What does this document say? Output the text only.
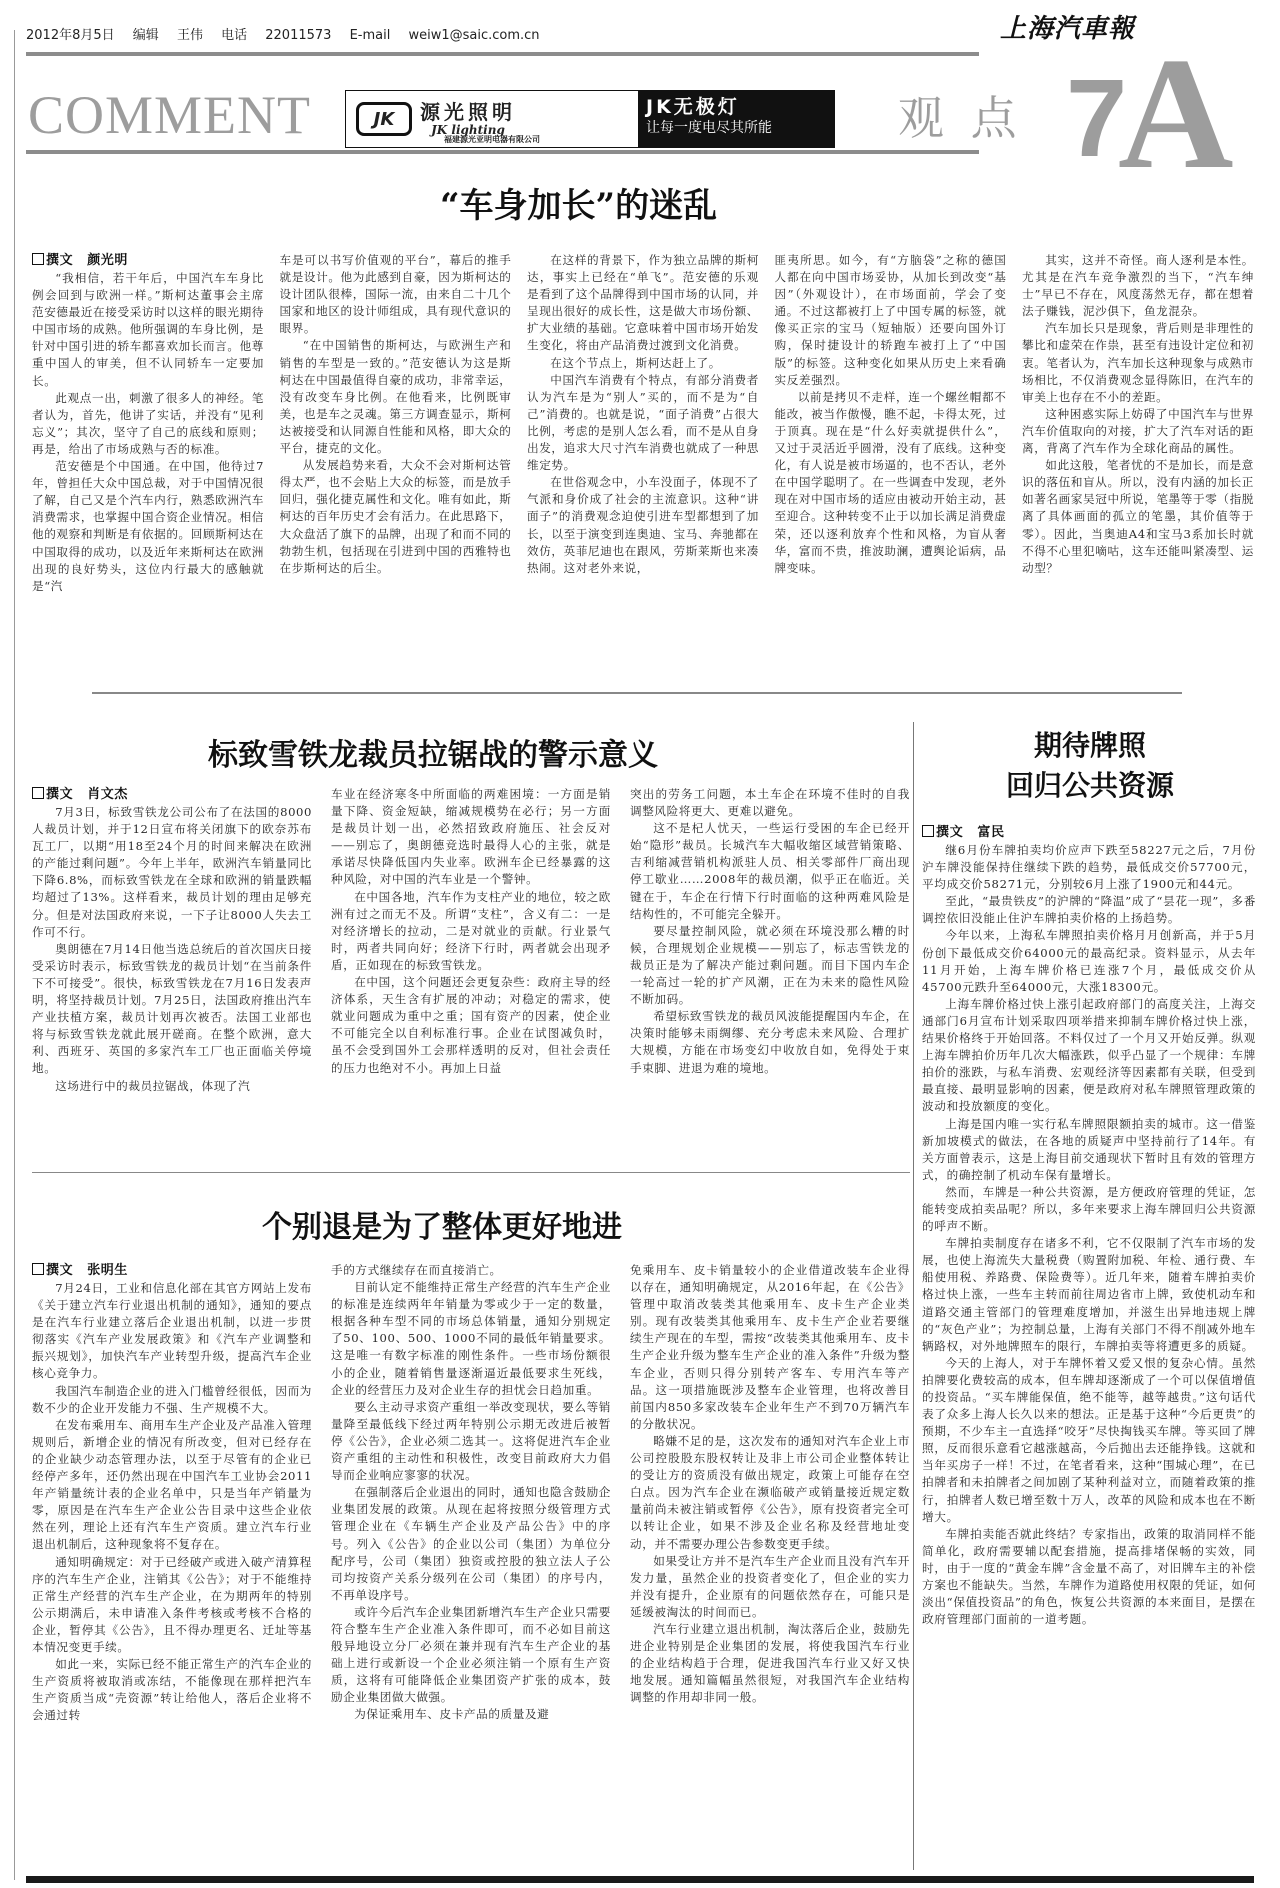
2012年8月5日 编辑 王伟 电话 22011573 E-mail weiw1@saic.com.cn	上海汽車報
COMMENT	JK	源光照明
JK lighting
福建源光亚明电器有限公司
JK无极灯
让每一度电尽其所能	观 点 7
A
“车身加长”的迷乱
撰文 颜光明

“我相信，若干年后，中国汽车车身比例会回到与欧洲一样。”斯柯达董事会主席范安德最近在接受采访时以这样的眼光期待中国市场的成熟。他所强调的车身比例，是针对中国引进的轿车都喜欢加长而言。他尊重中国人的审美，但不认同轿车一定要加长。

此观点一出，刺激了很多人的神经。笔者认为，首先，他讲了实话，并没有“见利忘义”；其次，坚守了自己的底线和原则；再是，给出了市场成熟与否的标准。

范安德是个中国通。在中国，他待过7年，曾担任大众中国总裁，对于中国情况很了解，自己又是个汽车内行，熟悉欧洲汽车消费需求，也掌握中国合资企业情况。相信他的观察和判断是有依据的。回顾斯柯达在中国取得的成功，以及近年来斯柯达在欧洲出现的良好势头，这位内行最大的感触就是“汽

车是可以书写价值观的平台”，幕后的推手就是设计。他为此感到自豪，因为斯柯达的设计团队很棒，国际一流，由来自二十几个国家和地区的设计师组成，具有现代意识的眼界。

“在中国销售的斯柯达，与欧洲生产和销售的车型是一致的。”范安德认为这是斯柯达在中国最值得自豪的成功，非常幸运，没有改变车身比例。在他看来，比例既审美，也是车之灵魂。第三方调查显示，斯柯达被接受和认同源自性能和风格，即大众的平台，捷克的文化。

从发展趋势来看，大众不会对斯柯达管得太严，也不会贴上大众的标签，而是放手回归，强化捷克属性和文化。唯有如此，斯柯达的百年历史才会有活力。在此思路下，大众盘活了旗下的品牌，出现了和而不同的勃勃生机，包括现在引进到中国的西雅特也在步斯柯达的后尘。

在这样的背景下，作为独立品牌的斯柯达，事实上已经在“单飞”。范安德的乐观是看到了这个品牌得到中国市场的认同，并呈现出很好的成长性，这是做大市场份额、扩大业绩的基础。它意味着中国市场开始发生变化，将由产品消费过渡到文化消费。

在这个节点上，斯柯达赶上了。

中国汽车消费有个特点，有部分消费者认为汽车是为“别人”买的，而不是为“自己”消费的。也就是说，“面子消费”占很大比例，考虑的是别人怎么看，而不是从自身出发，追求大尺寸汽车消费也就成了一种思维定势。

在世俗观念中，小车没面子，体现不了气派和身价成了社会的主流意识。这种“讲面子”的消费观念迫使引进车型都想到了加长，以至于演变到连奥迪、宝马、奔驰都在效仿，英菲尼迪也在跟风，劳斯莱斯也来凑热闹。这对老外来说，

匪夷所思。如今，有“方脑袋”之称的德国人都在向中国市场妥协，从加长到改变“基因”（外观设计），在市场面前，学会了变通。不过这都被打上了中国专属的标签，就像买正宗的宝马（短轴版）还要向国外订购，保时捷设计的轿跑车被打上了“中国版”的标签。这种变化如果从历史上来看确实反差强烈。

以前是拷贝不走样，连一个螺丝帽都不能改，被当作傲慢，瞧不起，卡得太死，过于顶真。现在是“什么好卖就提供什么”，又过于灵活近乎圆滑，没有了底线。这种变化，有人说是被市场逼的，也不否认，老外在中国学聪明了。在一些调查中发现，老外现在对中国市场的适应由被动开始主动，甚至迎合。这种转变不止于以加长满足消费虚荣，还以逐利放弃个性和风格，为盲从奢华，富而不贵，推波助澜，遭舆论诟病，品牌变味。

其实，这并不奇怪。商人逐利是本性。尤其是在汽车竞争激烈的当下，“汽车绅士”早已不存在，风度荡然无存，都在想着法子赚钱，泥沙俱下，鱼龙混杂。

汽车加长只是现象，背后则是非理性的攀比和虚荣在作祟，甚至有违设计定位和初衷。笔者认为，汽车加长这种现象与成熟市场相比，不仅消费观念显得陈旧，在汽车的审美上也存在不小的差距。

这种困惑实际上妨碍了中国汽车与世界汽车价值取向的对接，扩大了汽车对话的距离，背离了汽车作为全球化商品的属性。

如此这般，笔者忧的不是加长，而是意识的落伍和盲从。所以，没有内涵的加长正如著名画家吴冠中所说，笔墨等于零（指脱离了具体画面的孤立的笔墨，其价值等于零）。因此，当奥迪A4和宝马3系加长时就不得不心里犯嘀咕，这车还能叫紧凑型、运动型？

标致雪铁龙裁员拉锯战的警示意义
撰文 肖文杰

7月3日，标致雪铁龙公司公布了在法国的8000人裁员计划，并于12日宣布将关闭旗下的欧奈苏布瓦工厂，以期“用18至24个月的时间来解决在欧洲的产能过剩问题”。今年上半年，欧洲汽车销量同比下降6.8%，而标致雪铁龙在全球和欧洲的销量跌幅均超过了13%。这样看来，裁员计划的理由足够充分。但是对法国政府来说，一下子让8000人失去工作可不行。

奥朗德在7月14日他当选总统后的首次国庆日接受采访时表示，标致雪铁龙的裁员计划“在当前条件下不可接受”。很快，标致雪铁龙在7月16日发表声明，将坚持裁员计划。7月25日，法国政府推出汽车产业扶植方案，裁员计划再次被否。法国工业部也将与标致雪铁龙就此展开磋商。在整个欧洲，意大利、西班牙、英国的多家汽车工厂也正面临关停境地。

这场进行中的裁员拉锯战，体现了汽

车业在经济寒冬中所面临的两难困境：一方面是销量下降、资金短缺，缩减规模势在必行；另一方面是裁员计划一出，必然招致政府施压、社会反对——别忘了，奥朗德竞选时最得人心的主张，就是承诺尽快降低国内失业率。欧洲车企已经暴露的这种风险，对中国的汽车业是一个警钟。

在中国各地，汽车作为支柱产业的地位，较之欧洲有过之而无不及。所谓“支柱”，含义有二：一是对经济增长的拉动，二是对就业的贡献。行业景气时，两者共同向好；经济下行时，两者就会出现矛盾，正如现在的标致雪铁龙。

在中国，这个问题还会更复杂些：政府主导的经济体系，天生含有扩展的冲动；对稳定的需求，使就业问题成为重中之重；国有资产的因素，使企业不可能完全以自利标准行事。企业在试图减负时，虽不会受到国外工会那样透明的反对，但社会责任的压力也绝对不小。再加上日益

突出的劳务工问题，本土车企在环境不佳时的自我调整风险将更大、更难以避免。

这不是杞人忧天，一些运行受困的车企已经开始“隐形”裁员。长城汽车大幅收缩区域营销策略、吉利缩减营销机构派驻人员、相关零部件厂商出现停工歇业……2008年的裁员潮，似乎正在临近。关键在于，车企在行情下行时面临的这种两难风险是结构性的，不可能完全躲开。

要尽量控制风险，就必须在环境没那么糟的时候，合理规划企业规模——别忘了，标志雪铁龙的裁员正是为了解决产能过剩问题。而目下国内车企一轮高过一轮的扩产风潮，正在为未来的隐性风险不断加码。

希望标致雪铁龙的裁员风波能提醒国内车企，在决策时能够未雨绸缪、充分考虑未来风险、合理扩大规模，方能在市场变幻中收放自如，免得处于束手束脚、进退为难的境地。

个别退是为了整体更好地进
撰文 张明生

7月24日，工业和信息化部在其官方网站上发布《关于建立汽车行业退出机制的通知》，通知的要点是在汽车行业建立落后企业退出机制，以进一步贯彻落实《汽车产业发展政策》和《汽车产业调整和振兴规划》，加快汽车产业转型升级，提高汽车企业核心竞争力。

我国汽车制造企业的进入门槛曾经很低，因而为数不少的企业开发能力不强、生产规模不大。

在发布乘用车、商用车生产企业及产品准入管理规则后，新增企业的情况有所改变，但对已经存在的企业缺少动态管理办法，以至于尽管有的企业已经停产多年，还仍然出现在中国汽车工业协会2011年产销量统计表的企业名单中，只是当年产销量为零，原因是在汽车生产企业公告目录中这些企业依然在列，理论上还有汽车生产资质。建立汽车行业退出机制后，这种现象将不复存在。

通知明确规定：对于已经破产或进入破产清算程序的汽车生产企业，注销其《公告》；对于不能维持正常生产经营的汽车生产企业，在为期两年的特别公示期满后，未申请准入条件考核或考核不合格的企业，暂停其《公告》，且不得办理更名、迁址等基本情况变更手续。

如此一来，实际已经不能正常生产的汽车企业的生产资质将被取消或冻结，不能像现在那样把汽车生产资质当成“壳资源”转让给他人，落后企业将不会通过转

手的方式继续存在而直接消亡。

目前认定不能维持正常生产经营的汽车生产企业的标准是连续两年年销量为零或少于一定的数量，根据各种车型不同的市场总体销量，通知分别规定了50、100、500、1000不同的最低年销量要求。这是唯一有数字标准的刚性条件。一些市场份额很小的企业，随着销售量逐渐逼近最低要求生死线，企业的经营压力及对企业生存的担忧会日趋加重。

要么主动寻求资产重组一举改变现状，要么等销量降至最低线下经过两年特别公示期无改进后被暂停《公告》，企业必须二选其一。这将促进汽车企业资产重组的主动性和积极性，改变目前政府大力倡导而企业响应寥寥的状况。

在强制落后企业退出的同时，通知也隐含鼓励企业集团发展的政策。从现在起将按照分级管理方式管理企业在《车辆生产企业及产品公告》中的序号。列入《公告》的企业以公司（集团）为单位分配序号，公司（集团）独资或控股的独立法人子公司均按资产关系分级列在公司（集团）的序号内，不再单设序号。

或许今后汽车企业集团新增汽车生产企业只需要符合整车生产企业准入条件即可，而不必如目前这般异地设立分厂必须在兼并现有汽车生产企业的基础上进行或新设一个企业必须注销一个原有生产资质，这将有可能降低企业集团资产扩张的成本，鼓励企业集团做大做强。

为保证乘用车、皮卡产品的质量及避

免乘用车、皮卡销量较小的企业借道改装车企业得以存在，通知明确规定，从2016年起，在《公告》管理中取消改装类其他乘用车、皮卡生产企业类别。现有改装类其他乘用车、皮卡生产企业若要继续生产现在的车型，需按“改装类其他乘用车、皮卡生产企业升级为整车生产企业的准入条件”升级为整车企业，否则只得分别转产客车、专用汽车等产品。这一项措施既涉及整车企业管理，也将改善目前国内850多家改装车企业年生产不到70万辆汽车的分散状况。

略嫌不足的是，这次发布的通知对汽车企业上市公司控股股东股权转让及非上市公司企业整体转让的受让方的资质没有做出规定，政策上可能存在空白点。因为汽车企业在濒临破产或销量接近规定数量前尚未被注销或暂停《公告》，原有投资者完全可以转让企业，如果不涉及企业名称及经营地址变动，并不需要办理公告参数变更手续。

如果受让方并不是汽车生产企业而且没有汽车开发力量，虽然企业的投资者变化了，但企业的实力并没有提升，企业原有的问题依然存在，可能只是延缓被淘汰的时间而已。

汽车行业建立退出机制，淘汰落后企业，鼓励先进企业特别是企业集团的发展，将使我国汽车行业的企业结构趋于合理，促进我国汽车行业又好又快地发展。通知篇幅虽然很短，对我国汽车企业结构调整的作用却非同一般。

期待牌照
回归公共资源
撰文 富民

继6月份车牌拍卖均价应声下跌至58227元之后，7月份沪车牌没能保持住继续下跌的趋势，最低成交价57700元，平均成交价58271元，分别较6月上涨了1900元和44元。

至此，“最贵铁皮”的沪牌的“降温”成了“昙花一现”，多番调控依旧没能止住沪车牌拍卖价格的上扬趋势。

今年以来，上海私车牌照拍卖价格月月创新高，并于5月份创下最低成交价64000元的最高纪录。资料显示，从去年11月开始，上海车牌价格已连涨7个月，最低成交价从45700元跌升至64000元，大涨18300元。

上海车牌价格过快上涨引起政府部门的高度关注，上海交通部门6月宣布计划采取四项举措来抑制车牌价格过快上涨，结果价格终于开始回落。不料仅过了一个月又开始反弹。纵观上海车牌拍价历年几次大幅涨跌，似乎凸显了一个规律：车牌拍价的涨跌，与私车消费、宏观经济等因素都有关联，但受到最直接、最明显影响的因素，便是政府对私车牌照管理政策的波动和投放额度的变化。

上海是国内唯一实行私车牌照限额拍卖的城市。这一借鉴新加坡模式的做法，在各地的质疑声中坚持前行了14年。有关方面曾表示，这是上海目前交通现状下暂时且有效的管理方式，的确控制了机动车保有量增长。

然而，车牌是一种公共资源，是方便政府管理的凭证，怎能转变成拍卖品呢？所以，多年来要求上海车牌回归公共资源的呼声不断。

车牌拍卖制度存在诸多不利，它不仅限制了汽车市场的发展，也使上海流失大量税费（购置附加税、年检、通行费、车船使用税、养路费、保险费等）。近几年来，随着车牌拍卖价格过快上涨，一些车主转而前往周边省市上牌，致使机动车和道路交通主管部门的管理难度增加，并滋生出异地违规上牌的“灰色产业”；为控制总量，上海有关部门不得不削减外地车辆路权，对外地牌照车的限行，车牌拍卖等将遭更多的质疑。

今天的上海人，对于车牌怀着又爱又恨的复杂心情。虽然拍牌要化费较高的成本，但车牌却逐渐成了一个可以保值增值的投资品。“买车牌能保值，绝不能等，越等越贵。”这句话代表了众多上海人长久以来的想法。正是基于这种“今后更贵”的预期，不少车主一直选择“咬牙”尽快掏钱买车牌。等买回了牌照，反而很乐意看它越涨越高，今后抛出去还能挣钱。这就和当年买房子一样！不过，在笔者看来，这种“围城心理”，在已拍牌者和未拍牌者之间加剧了某种利益对立，而随着政策的推行，拍牌者人数已增至数十万人，改革的风险和成本也在不断增大。

车牌拍卖能否就此终结？专家指出，政策的取消同样不能简单化，政府需要辅以配套措施，提高排堵保畅的实效，同时，由于一度的“黄金车牌”含金量不高了，对旧牌车主的补偿方案也不能缺失。当然，车牌作为道路使用权限的凭证，如何淡出“保值投资品”的角色，恢复公共资源的本来面目，是摆在政府管理部门面前的一道考题。
